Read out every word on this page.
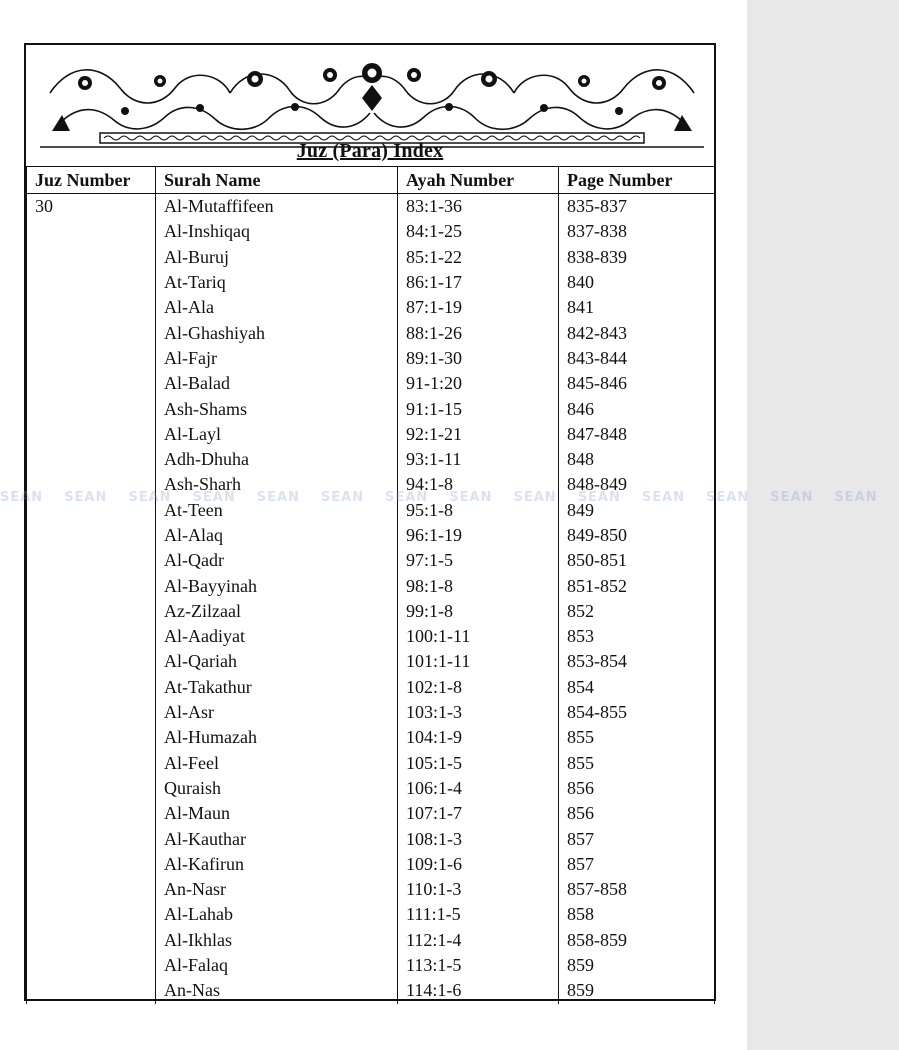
Juz (Para) Index
Juz Number	Surah Name	Ayah Number	Page Number
30	Al-Mutaffifeen	83:1-36	835-837
	Al-Inshiqaq	84:1-25	837-838
	Al-Buruj	85:1-22	838-839
	At-Tariq	86:1-17	840
	Al-Ala	87:1-19	841
	Al-Ghashiyah	88:1-26	842-843
	Al-Fajr	89:1-30	843-844
	Al-Balad	91-1:20	845-846
	Ash-Shams	91:1-15	846
	Al-Layl	92:1-21	847-848
	Adh-Dhuha	93:1-11	848
	Ash-Sharh	94:1-8	848-849
	At-Teen	95:1-8	849
	Al-Alaq	96:1-19	849-850
	Al-Qadr	97:1-5	850-851
	Al-Bayyinah	98:1-8	851-852
	Az-Zilzaal	99:1-8	852
	Al-Aadiyat	100:1-11	853
	Al-Qariah	101:1-11	853-854
	At-Takathur	102:1-8	854
	Al-Asr	103:1-3	854-855
	Al-Humazah	104:1-9	855
	Al-Feel	105:1-5	855
	Quraish	106:1-4	856
	Al-Maun	107:1-7	856
	Al-Kauthar	108:1-3	857
	Al-Kafirun	109:1-6	857
	An-Nasr	110:1-3	857-858
	Al-Lahab	111:1-5	858
	Al-Ikhlas	112:1-4	858-859
	Al-Falaq	113:1-5	859
	An-Nas	114:1-6	859
SEAN SEAN SEAN SEAN SEAN SEAN SEAN SEAN SEAN SEAN SEAN SEAN SEAN SEAN
